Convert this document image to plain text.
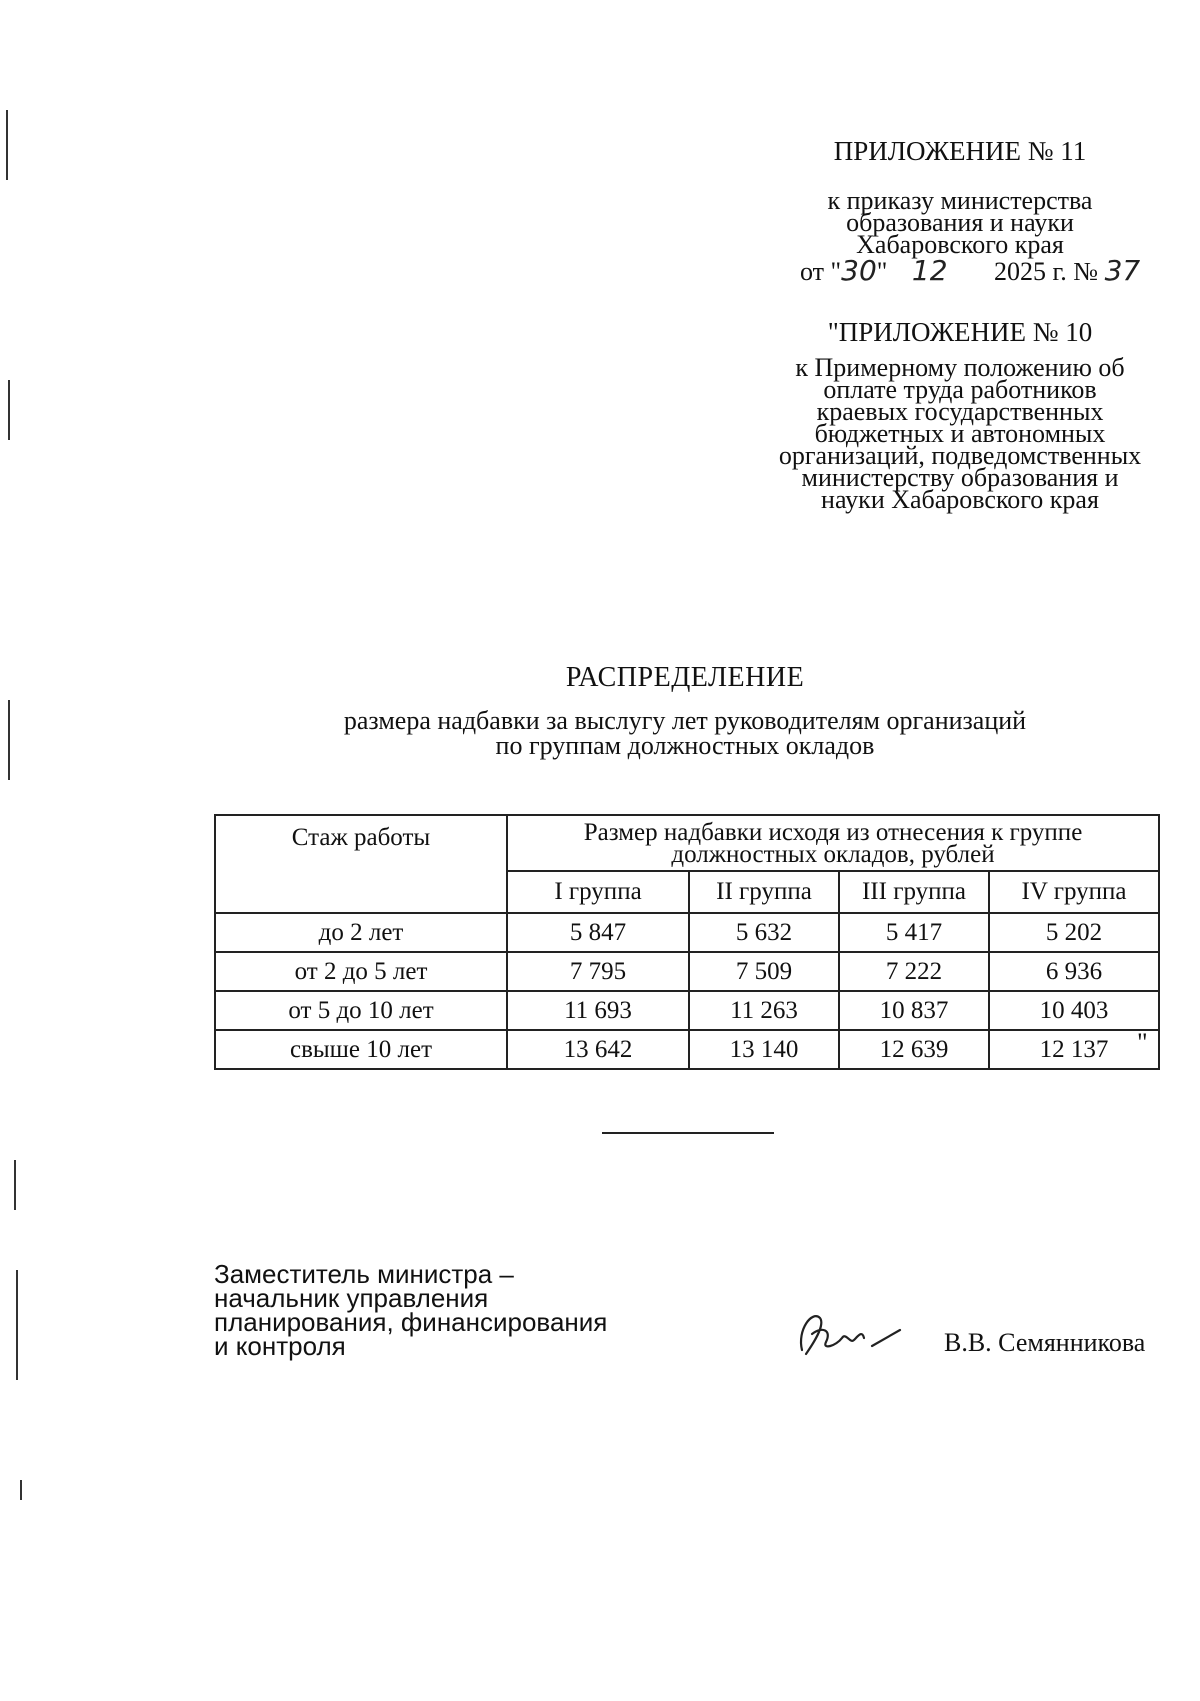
ПРИЛОЖЕНИЕ № 11
к приказу министерства
образования и науки
Хабаровского края
от "30" 12 2025 г. № 37
"ПРИЛОЖЕНИЕ № 10
к Примерному положению об
оплате труда работников
краевых государственных
бюджетных и автономных
организаций, подведомственных
министерству образования и
науки Хабаровского края
РАСПРЕДЕЛЕНИЕ
размера надбавки за выслугу лет руководителям организаций
по группам должностных окладов
Стаж работы	Размер надбавки исходя из отнесения к группе
должностных окладов, рублей			

	I группа	II группа	III группа	IV группа
до 2 лет	5 847	5 632	5 417	5 202
от 2 до 5 лет	7 795	7 509	7 222	6 936
от 5 до 10 лет	11 693	11 263	10 837	10 403
свыше 10 лет	13 642	13 140	12 639	12 137 "
Заместитель министра –
начальник управления
планирования, финансирования
и контроля	В.В. Семянникова
